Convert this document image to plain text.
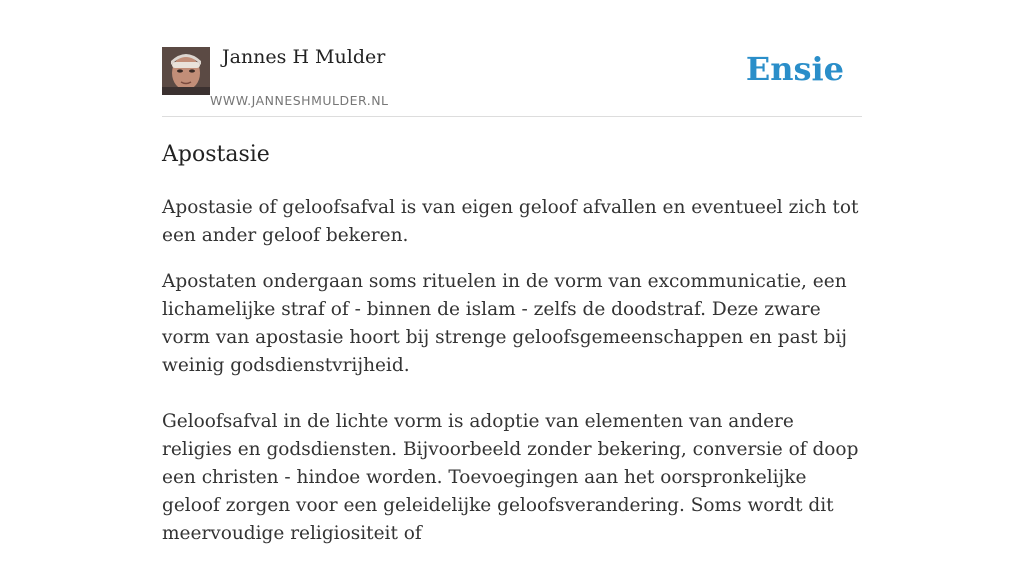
Jannes H Mulder
WWW.JANNESHMULDER.NL
Ensie
Apostasie

Apostasie of geloofsafval is van eigen geloof afvallen en eventueel zich tot een ander geloof bekeren.

Apostaten ondergaan soms rituelen in de vorm van excommunicatie, een lichamelijke straf of - binnen de islam - zelfs de doodstraf. Deze zware vorm van apostasie hoort bij strenge geloofsgemeenschappen en past bij weinig godsdienstvrijheid.

Geloofsafval in de lichte vorm is adoptie van elementen van andere religies en godsdiensten. Bijvoorbeeld zonder bekering, conversie of doop een christen - hindoe worden. Toevoegingen aan het oorspronkelijke geloof zorgen voor een geleidelijke geloofsverandering. Soms wordt dit meervoudige religiositeit of
